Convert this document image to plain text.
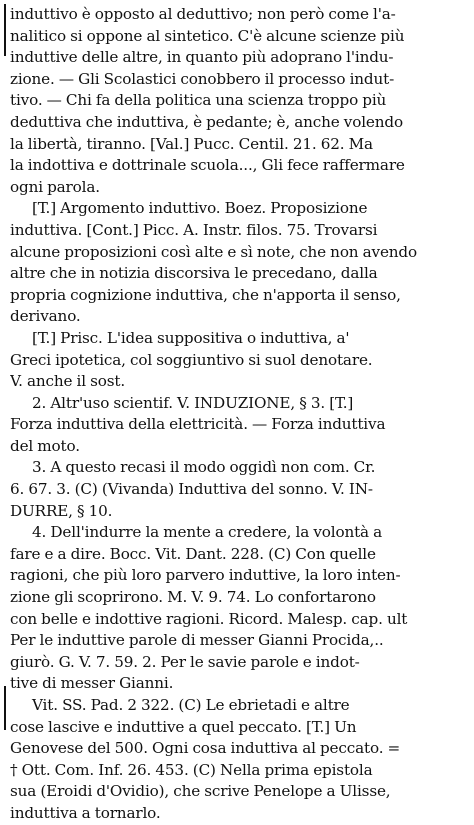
induttivo è opposto al deduttivo; non però come l'a-
nalitico si oppone al sintetico. C'è alcune scienze più
induttive delle altre, in quanto più adoprano l'indu-
zione. — Gli Scolastici conobbero il processo indut-
tivo. — Chi fa della politica una scienza troppo più
deduttiva che induttiva, è pedante; è, anche volendo
la libertà, tiranno. [Val.] Pucc. Centil. 21. 62. Ma
la indottiva e dottrinale scuola..., Gli fece raffermare
ogni parola.
[T.] Argomento induttivo. Boez. Proposizione
induttiva. [Cont.] Picc. A. Instr. filos. 75. Trovarsi
alcune proposizioni così alte e sì note, che non avendo
altre che in notizia discorsiva le precedano, dalla
propria cognizione induttiva, che n'apporta il senso,
derivano.
[T.] Prisc. L'idea suppositiva o induttiva, a'
Greci ipotetica, col soggiuntivo si suol denotare.
V. anche il sost.
2. Altr'uso scientif. V. INDUZIONE, § 3. [T.]
Forza induttiva della elettricità. — Forza induttiva
del moto.
3. A questo recasi il modo oggidì non com. Cr.
6. 67. 3. (C) (Vivanda) Induttiva del sonno. V. IN-
DURRE, § 10.
4. Dell'indurre la mente a credere, la volontà a
fare e a dire. Bocc. Vit. Dant. 228. (C) Con quelle
ragioni, che più loro parvero induttive, la loro inten-
zione gli scoprirono. M. V. 9. 74. Lo confortarono
con belle e indottive ragioni. Ricord. Malesp. cap. ult
Per le induttive parole di messer Gianni Procida,..
giurò. G. V. 7. 59. 2. Per le savie parole e indot-
tive di messer Gianni.
Vit. SS. Pad. 2 322. (C) Le ebrietadi e altre
cose lascive e induttive a quel peccato. [T.] Un
Genovese del 500. Ogni cosa induttiva al peccato. =
† Ott. Com. Inf. 26. 453. (C) Nella prima epistola
sua (Eroidi d'Ovidio), che scrive Penelope a Ulisse,
induttiva a tornarlo.
